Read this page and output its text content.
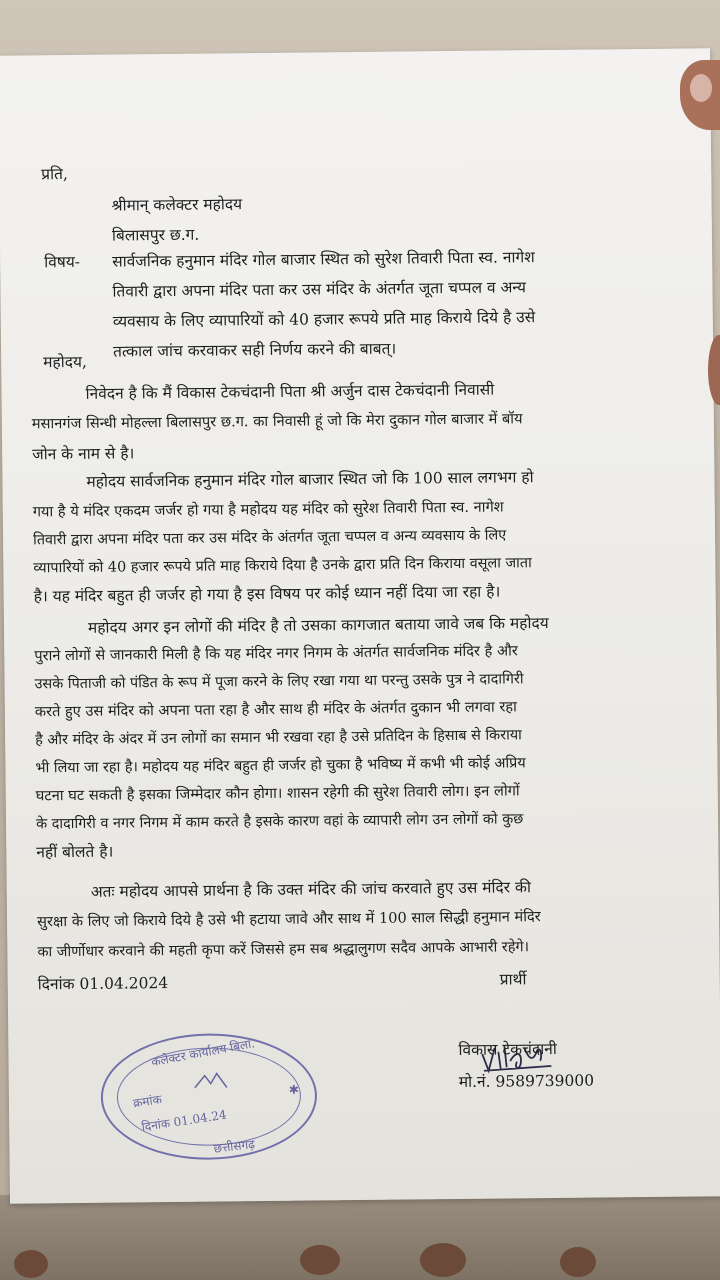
प्रति,
श्रीमान् कलेक्टर महोदय
बिलासपुर छ.ग.
विषय- सार्वजनिक हनुमान मंदिर गोल बाजार स्थित को सुरेश तिवारी पिता स्व. नागेश
तिवारी द्वारा अपना मंदिर पता कर उस मंदिर के अंतर्गत जूता चप्पल व अन्य
व्यवसाय के लिए व्यापारियों को 40 हजार रूपये प्रति माह किराये दिये है उसे
तत्काल जांच करवाकर सही निर्णय करने की बाबत्।
महोदय,
निवेदन है कि मैं विकास टेकचंदानी पिता श्री अर्जुन दास टेकचंदानी निवासी
मसानगंज सिन्धी मोहल्ला बिलासपुर छ.ग. का निवासी हूं जो कि मेरा दुकान गोल बाजार में बॉय
जोन के नाम से है।
महोदय सार्वजनिक हनुमान मंदिर गोल बाजार स्थित जो कि 100 साल लगभग हो
गया है ये मंदिर एकदम जर्जर हो गया है महोदय यह मंदिर को सुरेश तिवारी पिता स्व. नागेश
तिवारी द्वारा अपना मंदिर पता कर उस मंदिर के अंतर्गत जूता चप्पल व अन्य व्यवसाय के लिए
व्यापारियों को 40 हजार रूपये प्रति माह किराये दिया है उनके द्वारा प्रति दिन किराया वसूला जाता
है। यह मंदिर बहुत ही जर्जर हो गया है इस विषय पर कोई ध्यान नहीं दिया जा रहा है।
महोदय अगर इन लोगों की मंदिर है तो उसका कागजात बताया जावे जब कि महोदय
पुराने लोगों से जानकारी मिली है कि यह मंदिर नगर निगम के अंतर्गत सार्वजनिक मंदिर है और
उसके पिताजी को पंडित के रूप में पूजा करने के लिए रखा गया था परन्तु उसके पुत्र ने दादागिरी
करते हुए उस मंदिर को अपना पता रहा है और साथ ही मंदिर के अंतर्गत दुकान भी लगवा रहा
है और मंदिर के अंदर में उन लोगों का समान भी रखवा रहा है उसे प्रतिदिन के हिसाब से किराया
भी लिया जा रहा है। महोदय यह मंदिर बहुत ही जर्जर हो चुका है भविष्य में कभी भी कोई अप्रिय
घटना घट सकती है इसका जिम्मेदार कौन होगा। शासन रहेगी की सुरेश तिवारी लोग। इन लोगों
के दादागिरी व नगर निगम में काम करते है इसके कारण वहां के व्यापारी लोग उन लोगों को कुछ
नहीं बोलते है।
अतः महोदय आपसे प्रार्थना है कि उक्त मंदिर की जांच करवाते हुए उस मंदिर की
सुरक्षा के लिए जो किराये दिये है उसे भी हटाया जावे और साथ में 100 साल सिद्धी हनुमान मंदिर
का जीर्णोधार करवाने की महती कृपा करें जिससे हम सब श्रद्धालुगण सदैव आपके आभारी रहेगे।
दिनांक 01.04.2024	प्रार्थी
विकास टेकचंदानी
मो.नं. 9589739000
कलेक्टर कार्यालय बिला.
क्रमांक
दिनांक 01.04.24
छत्तीसगढ़
✱
